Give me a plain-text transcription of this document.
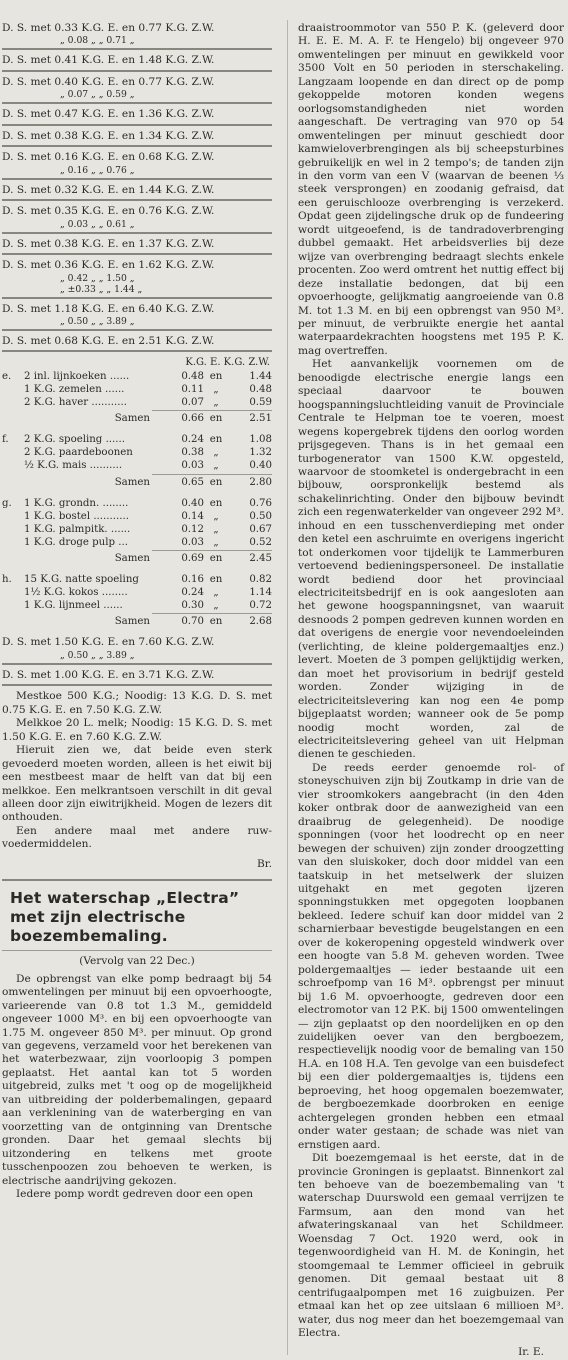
D. S. met 0.33 K.G. E. en 0.77 K.G. Z.W.
„ 0.08 „ „ 0.71 „
D. S. met 0.41 K.G. E. en 1.48 K.G. Z.W.
D. S. met 0.40 K.G. E. en 0.77 K.G. Z.W.
„ 0.07 „ „ 0.59 „
D. S. met 0.47 K.G. E. en 1.36 K.G. Z.W.
D. S. met 0.38 K.G. E. en 1.34 K.G. Z.W.
D. S. met 0.16 K.G. E. en 0.68 K.G. Z.W.
„ 0.16 „ „ 0.76 „
D. S. met 0.32 K.G. E. en 1.44 K.G. Z.W.
D. S. met 0.35 K.G. E. en 0.76 K.G. Z.W.
„ 0.03 „ „ 0.61 „
D. S. met 0.38 K.G. E. en 1.37 K.G. Z.W.
D. S. met 0.36 K.G. E. en 1.62 K.G. Z.W.
„ 0.42 „ „ 1.50 „
„ ±0.33 „ „ 1.44 „
D. S. met 1.18 K.G. E. en 6.40 K.G. Z.W.
„ 0.50 „ „ 3.89 „
D. S. met 0.68 K.G. E. en 2.51 K.G. Z.W.
K.G. E. K.G. Z.W.
e.	2 inl. lijnkoeken ......	0.48 en	1.44
1 K.G. zemelen ......	0.11 „	0.48
2 K.G. haver ...........	0.07 „	0.59
Samen	0.66 en	2.51
f.	2 K.G. spoeling ......	0.24 en	1.08
2 K.G. paardeboonen	0.38 „	1.32
½ K.G. mais ..........	0.03 „	0.40
Samen	0.65 en	2.80
g.	1 K.G. grondn. ........	0.40 en	0.76
1 K.G. bostel ...........	0.14 „	0.50
1 K.G. palmpitk. ......	0.12 „	0.67
1 K.G. droge pulp ...	0.03 „	0.52
Samen	0.69 en	2.45
h.	15 K.G. natte spoeling	0.16 en	0.82
1½ K.G. kokos ........	0.24 „	1.14
1 K.G. lijnmeel ......	0.30 „	0.72
Samen	0.70 en	2.68
D. S. met 1.50 K.G. E. en 7.60 K.G. Z.W.
„ 0.50 „ „ 3.89 „
D. S. met 1.00 K.G. E. en 3.71 K.G. Z.W.

Mestkoe 500 K.G.; Noodig: 13 K.G. D. S. met 0.75 K.G. E. en 7.50 K.G. Z.W.

Melkkoe 20 L. melk; Noodig: 15 K.G. D. S. met 1.50 K.G. E. en 7.60 K.G. Z.W.

Hieruit zien we, dat beide even sterk gevoederd moeten worden, alleen is het eiwit bij een mestbeest maar de helft van dat bij een melkkoe. Een melkrantsoen verschilt in dit geval alleen door zijn eiwitrijkheid. Mogen de lezers dit onthouden.

Een andere maal met andere ruw-voedermiddelen.

Br.
Het waterschap „Electra” met zijn electrische boezembemaling.
(Vervolg van 22 Dec.)

De opbrengst van elke pomp bedraagt bij 54 omwentelingen per minuut bij een opvoerhoogte, varieerende van 0.8 tot 1.3 M., gemiddeld ongeveer 1000 M³. en bij een opvoerhoogte van 1.75 M. ongeveer 850 M³. per minuut. Op grond van gegevens, verzameld voor het berekenen van het waterbezwaar, zijn voorloopig 3 pompen geplaatst. Het aantal kan tot 5 worden uitgebreid, zulks met 't oog op de mogelijkheid van uitbreiding der polderbemalingen, gepaard aan verklenining van de waterberging en van voorzetting van de ontginning van Drentsche gronden. Daar het gemaal slechts bij uitzondering en telkens met groote tusschenpoozen zou behoeven te werken, is electrische aandrijving gekozen.

Iedere pomp wordt gedreven door een open

draaistroommotor van 550 P. K. (geleverd door H. E. E. M. A. F. te Hengelo) bij ongeveer 970 omwentelingen per minuut en gewikkeld voor 3500 Volt en 50 perioden in sterschakeling. Langzaam loopende en dan direct op de pomp gekoppelde motoren konden wegens oorlogsomstandigheden niet worden aangeschaft. De vertraging van 970 op 54 omwentelingen per minuut geschiedt door kamwieloverbrengingen als bij scheepsturbines gebruikelijk en wel in 2 tempo's; de tanden zijn in den vorm van een V (waarvan de beenen ⅓ steek versprongen) en zoodanig gefraisd, dat een geruischlooze overbrenging is verzekerd. Opdat geen zijdelingsche druk op de fundeering wordt uitgeoefend, is de tandradoverbrenging dubbel gemaakt. Het arbeidsverlies bij deze wijze van overbrenging bedraagt slechts enkele procenten. Zoo werd omtrent het nuttig effect bij deze installatie bedongen, dat bij een opvoerhoogte, gelijkmatig aangroeiende van 0.8 M. tot 1.3 M. en bij een opbrengst van 950 M³. per minuut, de verbruikte energie het aantal waterpaardekrachten hoogstens met 195 P. K. mag overtreffen.

Het aanvankelijk voornemen om de benoodigde electrische energie langs een speciaal daarvoor te bouwen hoogspanningsluchtleiding vanuit de Provinciale Centrale te Helpman toe te voeren, moest wegens kopergebrek tijdens den oorlog worden prijsgegeven. Thans is in het gemaal een turbogenerator van 1500 K.W. opgesteld, waarvoor de stoomketel is ondergebracht in een bijbouw, oorspronkelijk bestemd als schakelinrichting. Onder den bijbouw bevindt zich een regenwaterkelder van ongeveer 292 M³. inhoud en een tusschenverdieping met onder den ketel een aschruimte en overigens ingericht tot onderkomen voor tijdelijk te Lammerburen vertoevend bedieningspersoneel. De installatie wordt bediend door het provinciaal electriciteitsbedrijf en is ook aangesloten aan het gewone hoogspanningsnet, van waaruit desnoods 2 pompen gedreven kunnen worden en dat overigens de energie voor nevendoeleinden (verlichting, de kleine poldergemaaltjes enz.) levert. Moeten de 3 pompen gelijktijdig werken, dan moet het provisorium in bedrijf gesteld worden. Zonder wijziging in de electriciteitslevering kan nog een 4e pomp bijgeplaatst worden; wanneer ook de 5e pomp noodig mocht worden, zal de electriciteitslevering geheel van uit Helpman dienen te geschieden.

De reeds eerder genoemde rol- of stoneyschuiven zijn bij Zoutkamp in drie van de vier stroomkokers aangebracht (in den 4den koker ontbrak door de aanwezigheid van een draaibrug de gelegenheid). De noodige sponningen (voor het loodrecht op en neer bewegen der schuiven) zijn zonder droogzetting van den sluiskoker, doch door middel van een taatskuip in het metselwerk der sluizen uitgehakt en met gegoten ijzeren sponningstukken met opgegoten loopbanen bekleed. Iedere schuif kan door middel van 2 scharnierbaar bevestigde beugelstangen en een over de kokeropening opgesteld windwerk over een hoogte van 5.8 M. geheven worden. Twee poldergemaaltjes — ieder bestaande uit een schroefpomp van 16 M³. opbrengst per minuut bij 1.6 M. opvoerhoogte, gedreven door een electromotor van 12 P.K. bij 1500 omwentelingen — zijn geplaatst op den noordelijken en op den zuidelijken oever van den bergboezem, respectievelijk noodig voor de bemaling van 150 H.A. en 108 H.A. Ten gevolge van een buisdefect bij een dier poldergemaaltjes is, tijdens een beproeving, het hoog opgemalen boezemwater, de bergboezemkade doorbroken en eenige achtergelegen gronden hebben een etmaal onder water gestaan; de schade was niet van ernstigen aard.

Dit boezemgemaal is het eerste, dat in de provincie Groningen is geplaatst. Binnenkort zal ten behoeve van de boezembemaling van 't waterschap Duurswold een gemaal verrijzen te Farmsum, aan den mond van het afwateringskanaal van het Schildmeer. Woensdag 7 Oct. 1920 werd, ook in tegenwoordigheid van H. M. de Koningin, het stoomgemaal te Lemmer officieel in gebruik genomen. Dit gemaal bestaat uit 8 centrifugaalpompen met 16 zuigbuizen. Per etmaal kan het op zee uitslaan 6 millioen M³. water, dus nog meer dan het boezemgemaal van Electra.

Ir. E.
